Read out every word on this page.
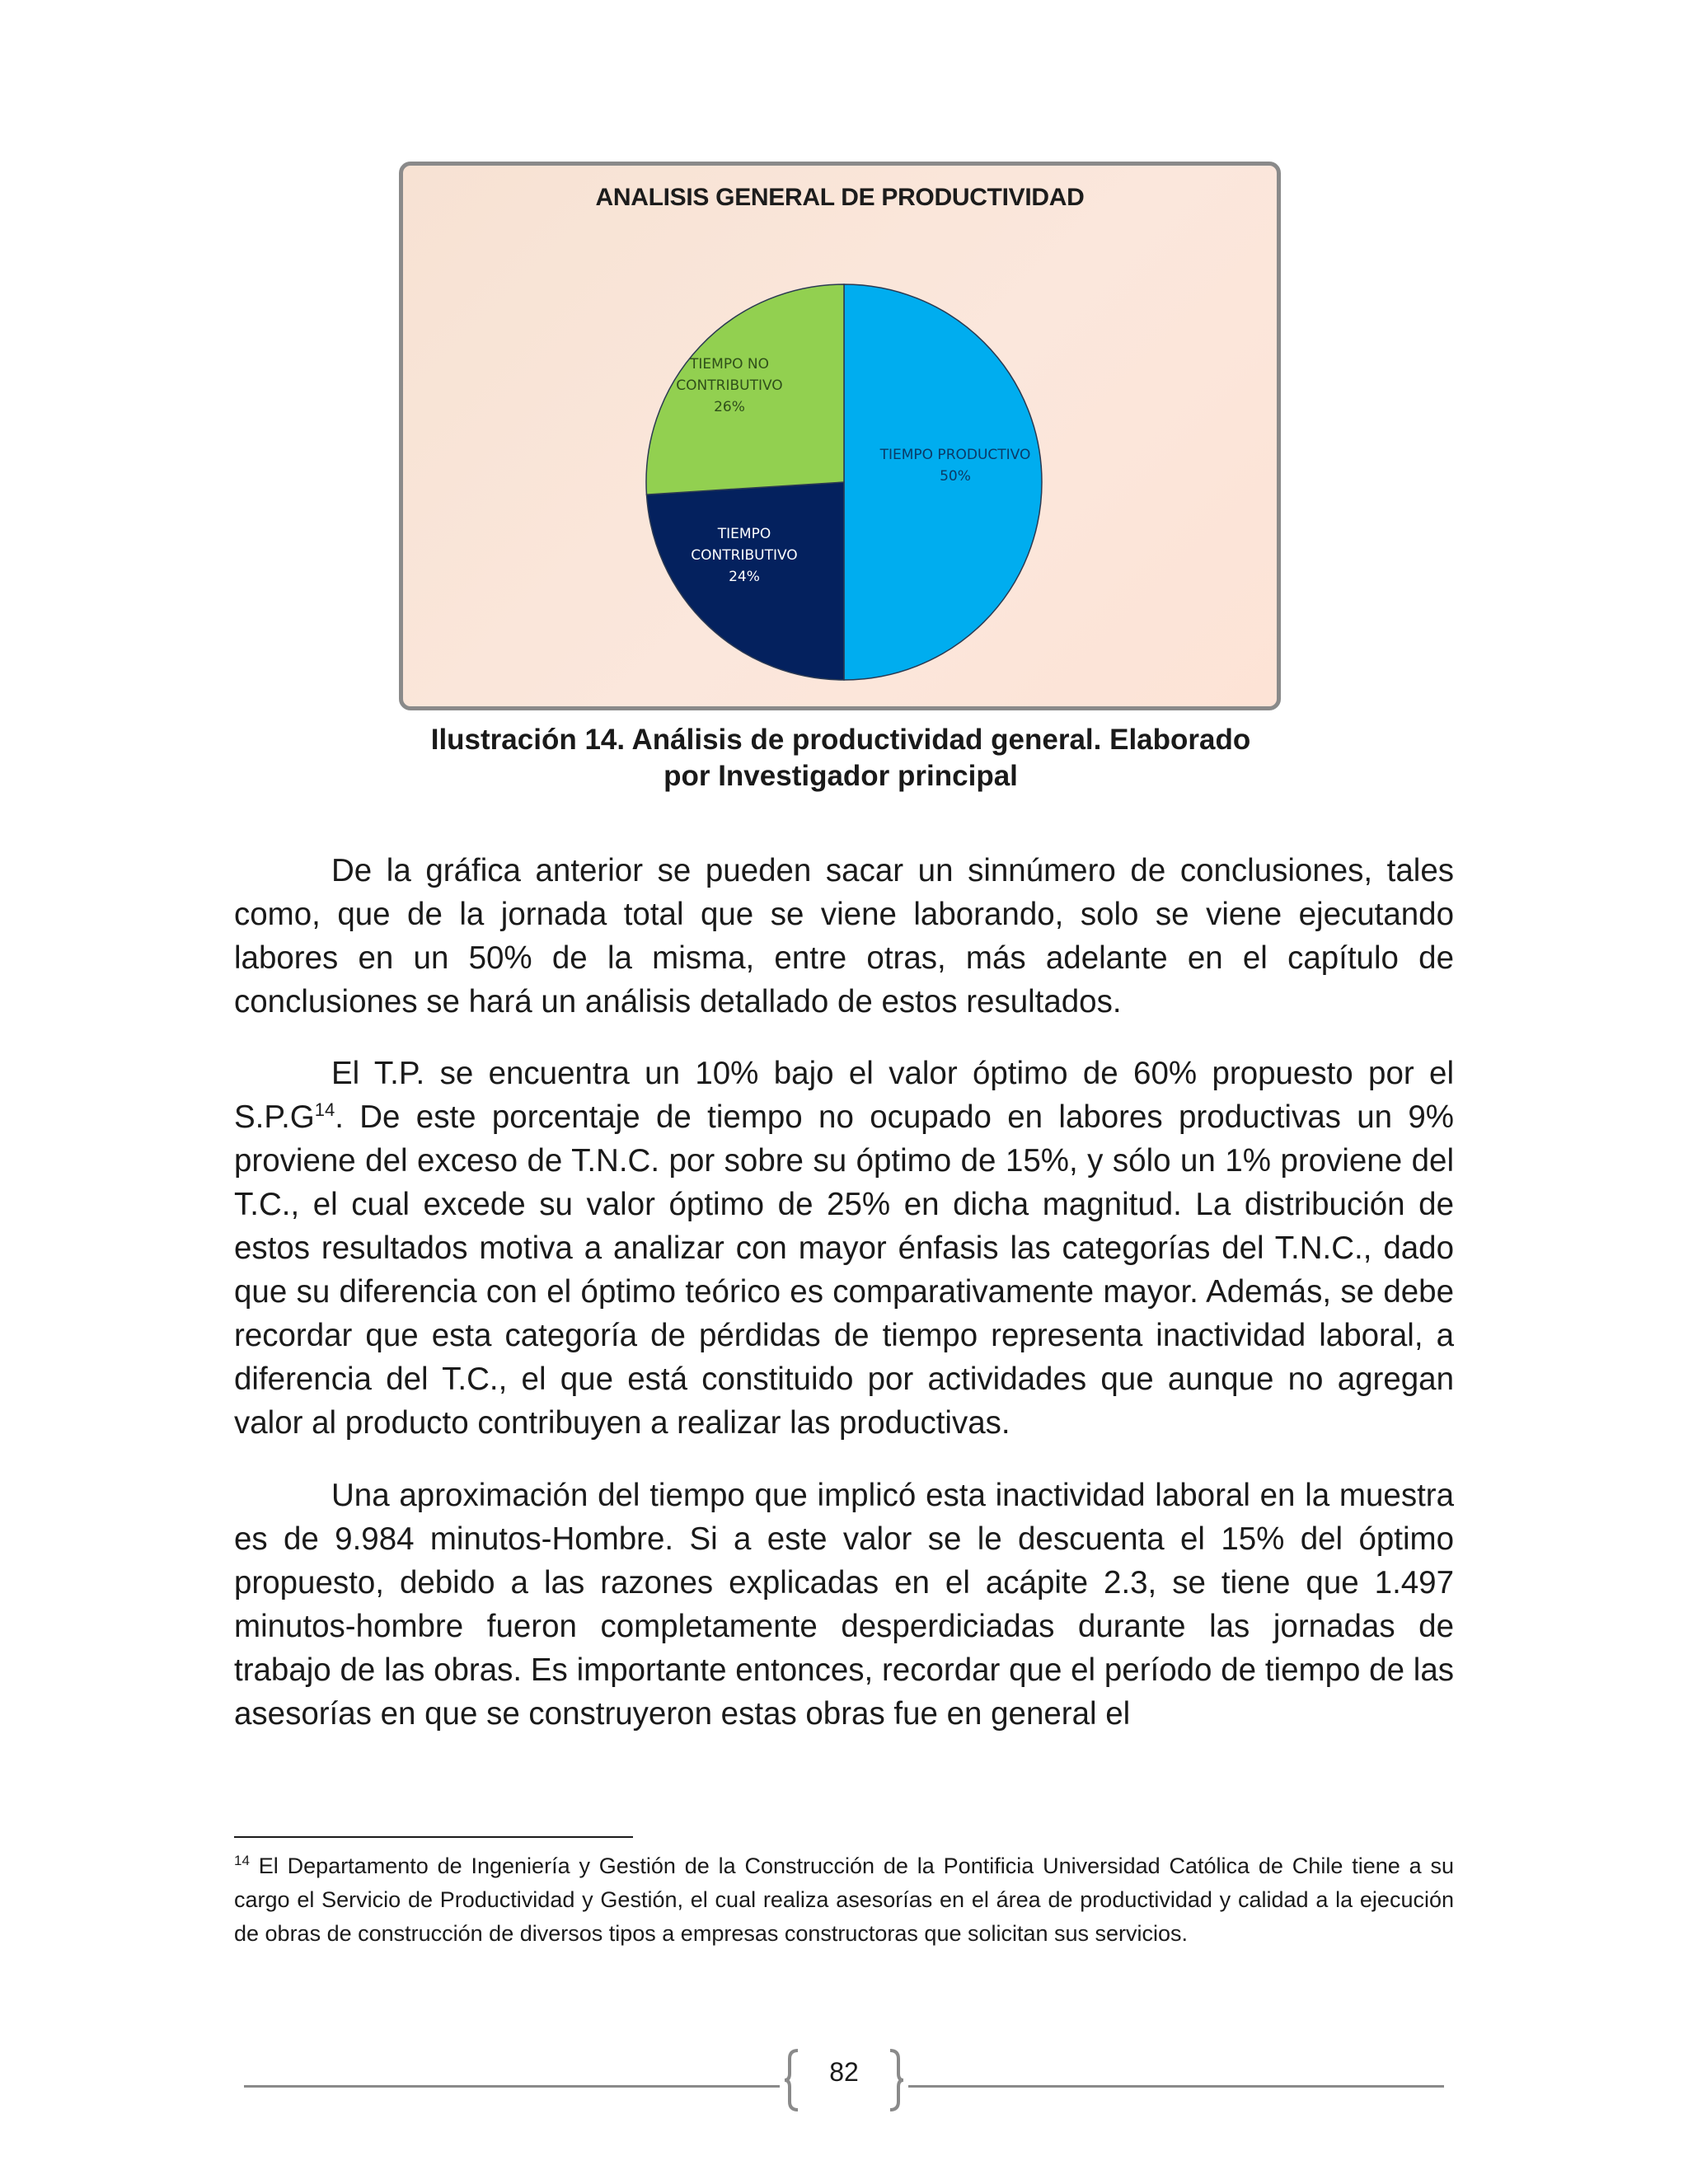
ANALISIS GENERAL DE PRODUCTIVIDAD
TIEMPO PRODUCTIVO 50%
TIEMPO CONTRIBUTIVO 24%
TIEMPO NO CONTRIBUTIVO 26%
Ilustración 14. Análisis de productividad general. Elaborado
por Investigador principal

De la gráfica anterior se pueden sacar un sinnúmero de conclusiones, tales como, que de la jornada total que se viene laborando, solo se viene ejecutando labores en un 50% de la misma, entre otras, más adelante en el capítulo de conclusiones se hará un análisis detallado de estos resultados.

El T.P. se encuentra un 10% bajo el valor óptimo de 60% propuesto por el $S.P.G^{14}$. De este porcentaje de tiempo no ocupado en labores productivas un 9% proviene del exceso de T.N.C. por sobre su óptimo de 15%, y sólo un 1% proviene del T.C., el cual excede su valor óptimo de 25% en dicha magnitud. La distribución de estos resultados motiva a analizar con mayor énfasis las categorías del T.N.C., dado que su diferencia con el óptimo teórico es comparativamente mayor. Además, se debe recordar que esta categoría de pérdidas de tiempo representa inactividad laboral, a diferencia del T.C., el que está constituido por actividades que aunque no agregan valor al producto contribuyen a realizar las productivas.

Una aproximación del tiempo que implicó esta inactividad laboral en la muestra es de 9.984 minutos-Hombre. Si a este valor se le descuenta el 15% del óptimo propuesto, debido a las razones explicadas en el acápite 2.3, se tiene que 1.497 minutos-hombre fueron completamente desperdiciadas durante las jornadas de trabajo de las obras. Es importante entonces, recordar que el período de tiempo de las asesorías en que se construyeron estas obras fue en general el

$^{14}$ El Departamento de Ingeniería y Gestión de la Construcción de la Pontificia Universidad Católica de Chile tiene a su cargo el Servicio de Productividad y Gestión, el cual realiza asesorías en el área de productividad y calidad a la ejecución de obras de construcción de diversos tipos a empresas constructoras que solicitan sus servicios.
82
